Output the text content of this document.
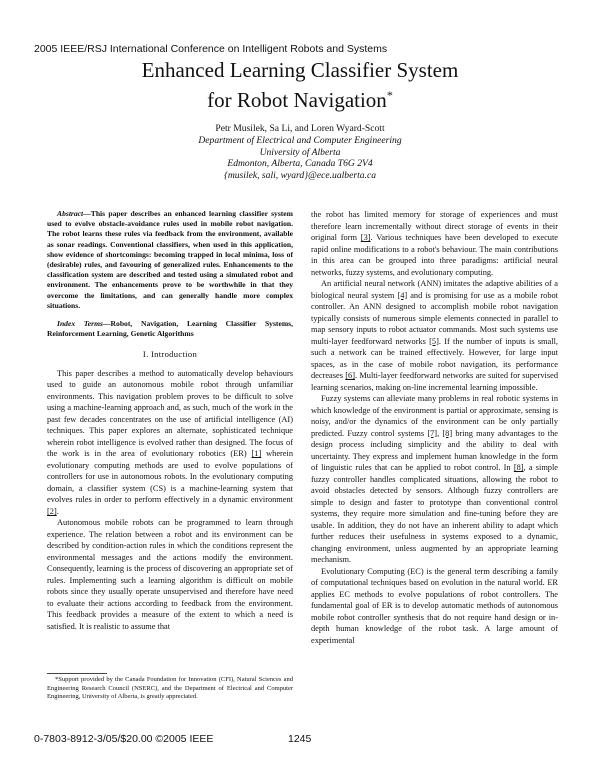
2005 IEEE/RSJ International Conference on Intelligent Robots and Systems
Enhanced Learning Classifier System
for Robot Navigation*
Petr Musilek, Sa Li, and Loren Wyard-Scott
Department of Electrical and Computer Engineering
University of Alberta
Edmonton, Alberta, Canada T6G 2V4
{musilek, sali, wyard}@ece.ualberta.ca

Abstract—This paper describes an enhanced learning classifier system used to evolve obstacle-avoidance rules used in mobile robot navigation. The robot learns these rules via feedback from the environment, available as sonar readings. Conventional classifiers, when used in this application, show evidence of shortcomings: becoming trapped in local minima, loss of (desirable) rules, and favouring of generalized rules. Enhancements to the classification system are described and tested using a simulated robot and environment. The enhancements prove to be worthwhile in that they overcome the limitations, and can generally handle more complex situations.

Index Terms—Robot, Navigation, Learning Classifier Systems, Reinforcement Learning, Genetic Algorithms

I. Introduction

This paper describes a method to automatically develop behaviours used to guide an autonomous mobile robot through unfamiliar environments. This navigation problem proves to be difficult to solve using a machine-learning approach and, as such, much of the work in the past few decades concentrates on the use of artificial intelligence (AI) techniques. This paper explores an alternate, sophisticated technique wherein robot intelligence is evolved rather than designed. The focus of the work is in the area of evolutionary robotics (ER) [1] wherein evolutionary computing methods are used to evolve populations of controllers for use in autonomous robots. In the evolutionary computing domain, a classifier system (CS) is a machine-learning system that evolves rules in order to perform effectively in a dynamic environment [2].

Autonomous mobile robots can be programmed to learn through experience. The relation between a robot and its environment can be described by condition-action rules in which the conditions represent the environmental messages and the actions modify the environment. Consequently, learning is the process of discovering an appropriate set of rules. Implementing such a learning algorithm is difficult on mobile robots since they usually operate unsupervised and therefore have need to evaluate their actions according to feedback from the environment. This feedback provides a measure of the extent to which a need is satisfied. It is realistic to assume that

*Support provided by the Canada Foundation for Innovation (CFI), Natural Sciences and Engineering Research Council (NSERC), and the Department of Electrical and Computer Engineering, University of Alberta, is greatly appreciated.

the robot has limited memory for storage of experiences and must therefore learn incrementally without direct storage of events in their original form [3]. Various techniques have been developed to execute rapid online modifications to a robot's behaviour. The main contributions in this area can be grouped into three paradigms: artificial neural networks, fuzzy systems, and evolutionary computing.

An artificial neural network (ANN) imitates the adaptive abilities of a biological neural system [4] and is promising for use as a mobile robot controller. An ANN designed to accomplish mobile robot navigation typically consists of numerous simple elements connected in parallel to map sensory inputs to robot actuator commands. Most such systems use multi-layer feedforward networks [5]. If the number of inputs is small, such a network can be trained effectively. However, for large input spaces, as in the case of mobile robot navigation, its performance decreases [6]. Multi-layer feedforward networks are suited for supervised learning scenarios, making on-line incremental learning impossible.

Fuzzy systems can alleviate many problems in real robotic systems in which knowledge of the environment is partial or approximate, sensing is noisy, and/or the dynamics of the environment can be only partially predicted. Fuzzy control systems [7], [8] bring many advantages to the design process including simplicity and the ability to deal with uncertainty. They express and implement human knowledge in the form of linguistic rules that can be applied to robot control. In [8], a simple fuzzy controller handles complicated situations, allowing the robot to avoid obstacles detected by sensors. Although fuzzy controllers are simple to design and faster to prototype than conventional control systems, they require more simulation and fine-tuning before they are usable. In addition, they do not have an inherent ability to adapt which further reduces their usefulness in systems exposed to a dynamic, changing environment, unless augmented by an appropriate learning mechanism.

Evolutionary Computing (EC) is the general term describing a family of computational techniques based on evolution in the natural world. ER applies EC methods to evolve populations of robot controllers. The fundamental goal of ER is to develop automatic methods of autonomous mobile robot controller synthesis that do not require hand design or in-depth human knowledge of the robot task. A large amount of experimental

0-7803-8912-3/05/$20.00 ©2005 IEEE	1245
